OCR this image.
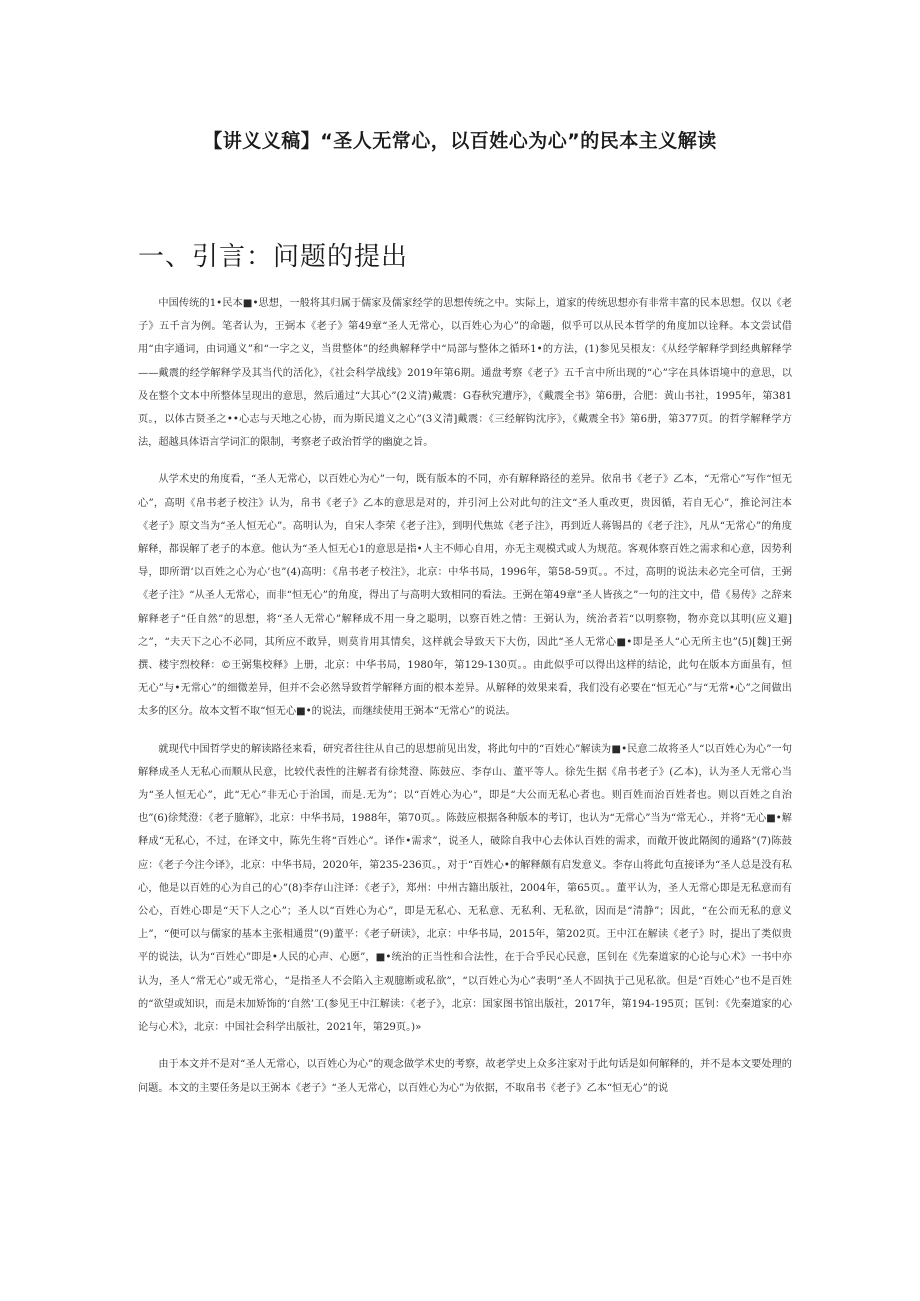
【讲义义稿】“圣人无常心，以百姓心为心”的民本主义解读
一、引言：问题的提出

中国传统的1•民本■•思想，一般将其归属于儒家及儒家经学的思想传统之中。实际上，道家的传统思想亦有非常丰富的民本思想。仅以《老子》五千言为例。笔者认为，王弼本《老子》第49章“圣人无常心，以百姓心为心”的命题，似乎可以从民本哲学的角度加以诠释。本文尝试借用“由字通词，由词通义”和“一字之义，当贯整体”的经典解释学中“局部与整体之循环1•的方法，(1)参见吴根友：《从经学解释学到经典解释学——戴震的经学解释学及其当代的活化》，《社会科学战线》2019年第6期。通盘考察《老子》五千言中所出现的“心”字在具体语境中的意思，以及在整个文本中所整体呈现出的意思，然后通过“大其心”(2义清)戴震：G春秋究遭序》，《戴震全书》第6册，合肥：黄山书社，1995年，第381页。，以体古贤圣之••心志与天地之心协，而为斯民道义之心”(3义清]戴震：《三经解钩沈序》，《戴震全书》第6册，第377页。的哲学解释学方法，超越具体语言学词汇的限制，考察老子政治哲学的幽旋之旨。

从学术史的角度看，“圣人无常心，以百姓心为心”一句，既有版本的不同，亦有解释路径的差异。依帛书《老子》乙本，“无常心”写作“恒无心”，高明《帛书老子校注》认为，帛书《老子》乙本的意思是对的，并引河上公对此句的注文“圣人重改更，贵因循，若自无心”，推论河注本《老子》原文当为“圣人恒无心”。高明认为，自宋人李荣《老子注》，到明代焦竑《老子注》，再到近人蒋锡昌的《老子注》，凡从“无常心”的角度解释，都误解了老子的本意。他认为“圣人恒无心1的意思是指•人主不师心自用，亦无主观模式或人为规范。客观体察百姓之需求和心意，因势利导，即所谓‘以百姓之心为心’也”(4)高明：《帛书老子校注》，北京：中华书局，1996年，第58-59页。。不过，高明的说法未必完全可信，王弼《老子注》“从圣人无常心，而非“恒无心”的角度，得出了与高明大致相同的看法。王弼在第49章“圣人皆孩之”一句的注文中，借《易传》之辞来解释老子“任自然”的思想，将“圣人无常心”解释成不用一身之聪明，以察百姓之情：王弼认为，统治者若“以明察物，物亦竞以其明(应义避]之”，“夫天下之心不必同，其所应不敢异，则莫肯用其情矣，这样就会导致天下大伤，因此“圣人无常心■•即是圣人“心无所主也”(5)[魏]王弼撰、楼宇烈校释：©王弼集校释》上册，北京：中华书局，1980年，第129-130页。。由此似乎可以得出这样的结论，此句在版本方面虽有，恒无心”与•无常心”的细微差异，但并不会必然导致哲学解释方面的根本差异。从解释的效果来看，我们没有必要在“恒无心”与“无常•心”之间做出太多的区分。故本文暂不取“恒无心■•的说法，而继续使用王弼本“无常心”的说法。

就现代中国哲学史的解读路径来看，研究者往往从自己的思想前见出发，将此句中的“百姓心”解读为■•民意二故将圣人“以百姓心为心”一句解释成圣人无私心而顺从民意，比较代表性的注解者有徐梵澄、陈鼓应、李存山、董平等人。徐先生据《帛书老子》(乙本)，认为圣人无常心当为“圣人恒无心”，此“无心”非无心于治国，而是.无为”；以“百姓心为心”，即是“大公而无私心者也。则百姓而治百姓者也。则以百姓之自治也”(6)徐梵澄：《老子臆解》，北京：中华书局，1988年，第70页。。陈鼓应根据各种版本的考订，也认为“无常心”当为“常无心.，并将“无心■•解释成“无私心，不过，在译文中，陈先生将“百姓心”。译作•需求”，说圣人，破除自我中心去体认百姓的需求，而敞开彼此隔阂的通路”(7)陈鼓应：《老子今注今译》，北京：中华书局，2020年，第235-236页。，对于“百姓心•的解释颇有启发意义。李存山将此句直接译为“圣人总是没有私心，他是以百姓的心为自己的心”(8)李存山注译：《老子》，郑州：中州古籍出版社，2004年，第65页。。董平认为，圣人无常心即是无私意而有公心，百姓心即是“天下人之心”；圣人以“百姓心为心”，即是无私心、无私意、无私利、无私欲，因而是“清静”；因此，“在公而无私的意义上”，“便可以与儒家的基本主张相通贯”(9)董平：《老子研读》，北京：中华书局，2015年，第202页。王中江在解读《老子》时，提出了类似贵平的说法，认为“百姓心”即是•人民的心声、心愿”，■•统治的正当性和合法性，在于合乎民心民意，匡钊在《先秦道家的心论与心术》一书中亦认为，圣人“常无心”或无常心，“是指圣人不会陷入主观臆断或私欲”，“以百姓心为心”表明“圣人不固执于己见私欲。但是“百姓心”也不是百姓的“欲望或知识，而是未加矫饰的‘自然’工(参见王中江解读：《老子》，北京：国家图书馆出版社，2017年，第194-195页；匡钊：《先秦道家的心论与心术》，北京：中国社会科学出版社，2021年，第29页。)»

由于本文并不是对“圣人无常心，以百姓心为心”的观念做学术史的考察，故老学史上众多注家对于此句话是如何解释的，并不是本文要处理的问题。本文的主要任务是以王弼本《老子》“圣人无常心，以百姓心为心”为依据，不取帛书《老子》乙本“恒无心”的说
